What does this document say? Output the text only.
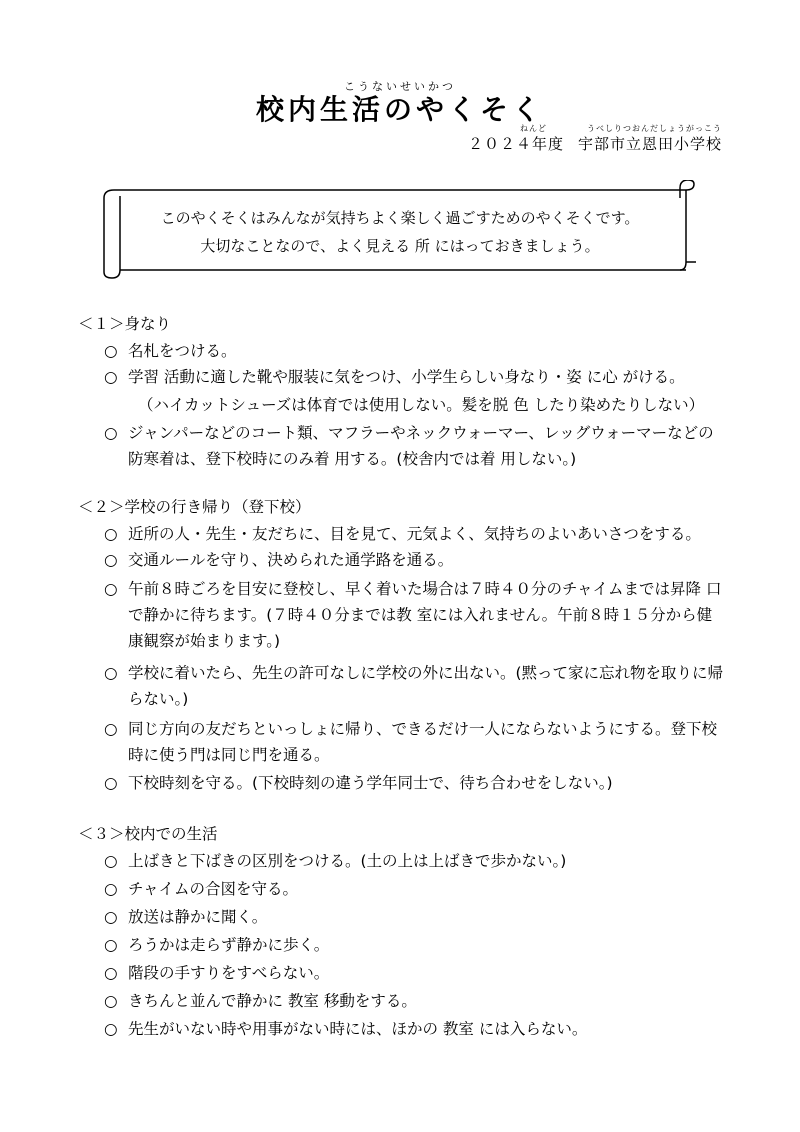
こうないせいかつ
校内生活のやくそく
ねんど	うべしりつおんだしょうがっこう
２０２４年度 宇部市立恩田小学校
このやくそくはみんなが気持ちよく楽しく過ごすためのやくそくです。
大切なことなので、よく見える 所 にはっておきましょう。
＜１＞身なり
○ 名札をつける。
○ 学習 活動に適した靴や服装に気をつけ、小学生らしい身なり・姿 に心 がける。
（ハイカットシューズは体育では使用しない。髪を脱 色 したり染めたりしない）
○ ジャンパーなどのコート類、マフラーやネックウォーマー、レッグウォーマーなどの防寒着は、登下校時にのみ着 用する。(校舎内では着 用しない。)
＜２＞学校の行き帰り（登下校）
○ 近所の人・先生・友だちに、目を見て、元気よく、気持ちのよいあいさつをする。
○ 交通ルールを守り、決められた通学路を通る。
○ 午前８時ごろを目安に登校し、早く着いた場合は７時４０分のチャイムまでは昇降 口で静かに待ちます。(７時４０分までは教 室には入れません。午前８時１５分から健康観察が始まります。)
○ 学校に着いたら、先生の許可なしに学校の外に出ない。(黙って家に忘れ物を取りに帰らない。)
○ 同じ方向の友だちといっしょに帰り、できるだけ一人にならないようにする。登下校時に使う門は同じ門を通る。
○ 下校時刻を守る。(下校時刻の違う学年同士で、待ち合わせをしない。)
＜３＞校内での生活
○ 上ばきと下ばきの区別をつける。(土の上は上ばきで歩かない。)
○ チャイムの合図を守る。
○ 放送は静かに聞く。
○ ろうかは走らず静かに歩く。
○ 階段の手すりをすべらない。
○ きちんと並んで静かに 教室 移動をする。
○ 先生がいない時や用事がない時には、ほかの 教室 には入らない。
